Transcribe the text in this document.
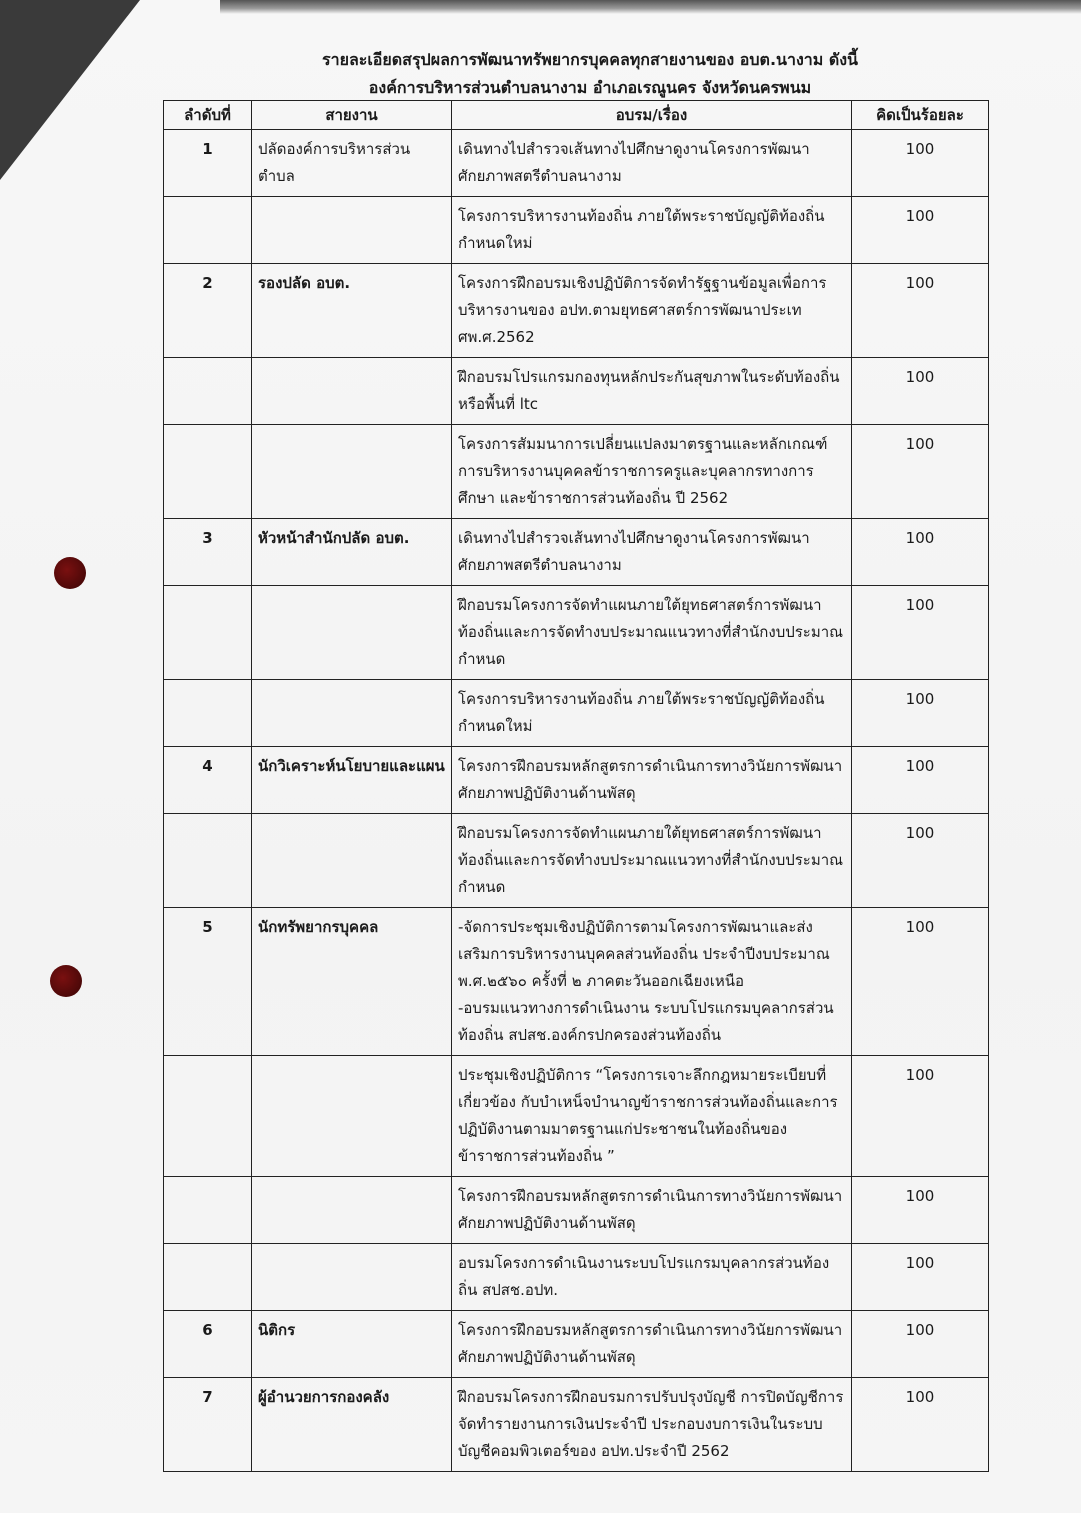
รายละเอียดสรุปผลการพัฒนาทรัพยากรบุคคลทุกสายงานของ อบต.นางาม ดังนี้
องค์การบริหารส่วนตำบลนางาม อำเภอเรณูนคร จังหวัดนครพนม
ลำดับที่	สายงาน	อบรม/เรื่อง	คิดเป็นร้อยละ
1	ปลัดองค์การบริหารส่วนตำบล	เดินทางไปสำรวจเส้นทางไปศึกษาดูงานโครงการพัฒนาศักยภาพสตรีตำบลนางาม	100
		โครงการบริหารงานท้องถิ่น ภายใต้พระราชบัญญัติท้องถิ่นกำหนดใหม่	100
2	รองปลัด อบต.	โครงการฝึกอบรมเชิงปฏิบัติการจัดทำรัฐฐานข้อมูลเพื่อการบริหารงานของ อปท.ตามยุทธศาสตร์การพัฒนาประเทศพ.ศ.2562	100
		ฝึกอบรมโปรแกรมกองทุนหลักประกันสุขภาพในระดับท้องถิ่น หรือพื้นที่ ltc	100
		โครงการสัมมนาการเปลี่ยนแปลงมาตรฐานและหลักเกณฑ์การบริหารงานบุคคลข้าราชการครูและบุคลากรทางการศึกษา และข้าราชการส่วนท้องถิ่น ปี 2562	100
3	หัวหน้าสำนักปลัด อบต.	เดินทางไปสำรวจเส้นทางไปศึกษาดูงานโครงการพัฒนาศักยภาพสตรีตำบลนางาม	100
		ฝึกอบรมโครงการจัดทำแผนภายใต้ยุทธศาสตร์การพัฒนาท้องถิ่นและการจัดทำงบประมาณแนวทางที่สำนักงบประมาณกำหนด	100
		โครงการบริหารงานท้องถิ่น ภายใต้พระราชบัญญัติท้องถิ่นกำหนดใหม่	100
4	นักวิเคราะห์นโยบายและแผน	โครงการฝึกอบรมหลักสูตรการดำเนินการทางวินัยการพัฒนาศักยภาพปฏิบัติงานด้านพัสดุ	100
		ฝึกอบรมโครงการจัดทำแผนภายใต้ยุทธศาสตร์การพัฒนาท้องถิ่นและการจัดทำงบประมาณแนวทางที่สำนักงบประมาณกำหนด	100
5	นักทรัพยากรบุคคล	-จัดการประชุมเชิงปฏิบัติการตามโครงการพัฒนาและส่งเสริมการบริหารงานบุคคลส่วนท้องถิ่น ประจำปีงบประมาณ พ.ศ.๒๕๖๐ ครั้งที่ ๒ ภาคตะวันออกเฉียงเหนือ
-อบรมแนวทางการดำเนินงาน ระบบโปรแกรมบุคลากรส่วนท้องถิ่น สปสช.องค์กรปกครองส่วนท้องถิ่น	100
		ประชุมเชิงปฏิบัติการ “โครงการเจาะลึกกฎหมายระเบียบที่เกี่ยวข้อง กับบำเหน็จบำนาญข้าราชการส่วนท้องถิ่นและการปฏิบัติงานตามมาตรฐานแก่ประชาชนในท้องถิ่นของข้าราชการส่วนท้องถิ่น ”	100
		โครงการฝึกอบรมหลักสูตรการดำเนินการทางวินัยการพัฒนาศักยภาพปฏิบัติงานด้านพัสดุ	100
		อบรมโครงการดำเนินงานระบบโปรแกรมบุคลากรส่วนท้องถิ่น สปสช.อปท.	100
6	นิติกร	โครงการฝึกอบรมหลักสูตรการดำเนินการทางวินัยการพัฒนาศักยภาพปฏิบัติงานด้านพัสดุ	100
7	ผู้อำนวยการกองคลัง	ฝึกอบรมโครงการฝึกอบรมการปรับปรุงบัญชี การปิดบัญชีการจัดทำรายงานการเงินประจำปี ประกอบงบการเงินในระบบบัญชีคอมพิวเตอร์ของ อปท.ประจำปี 2562	100
